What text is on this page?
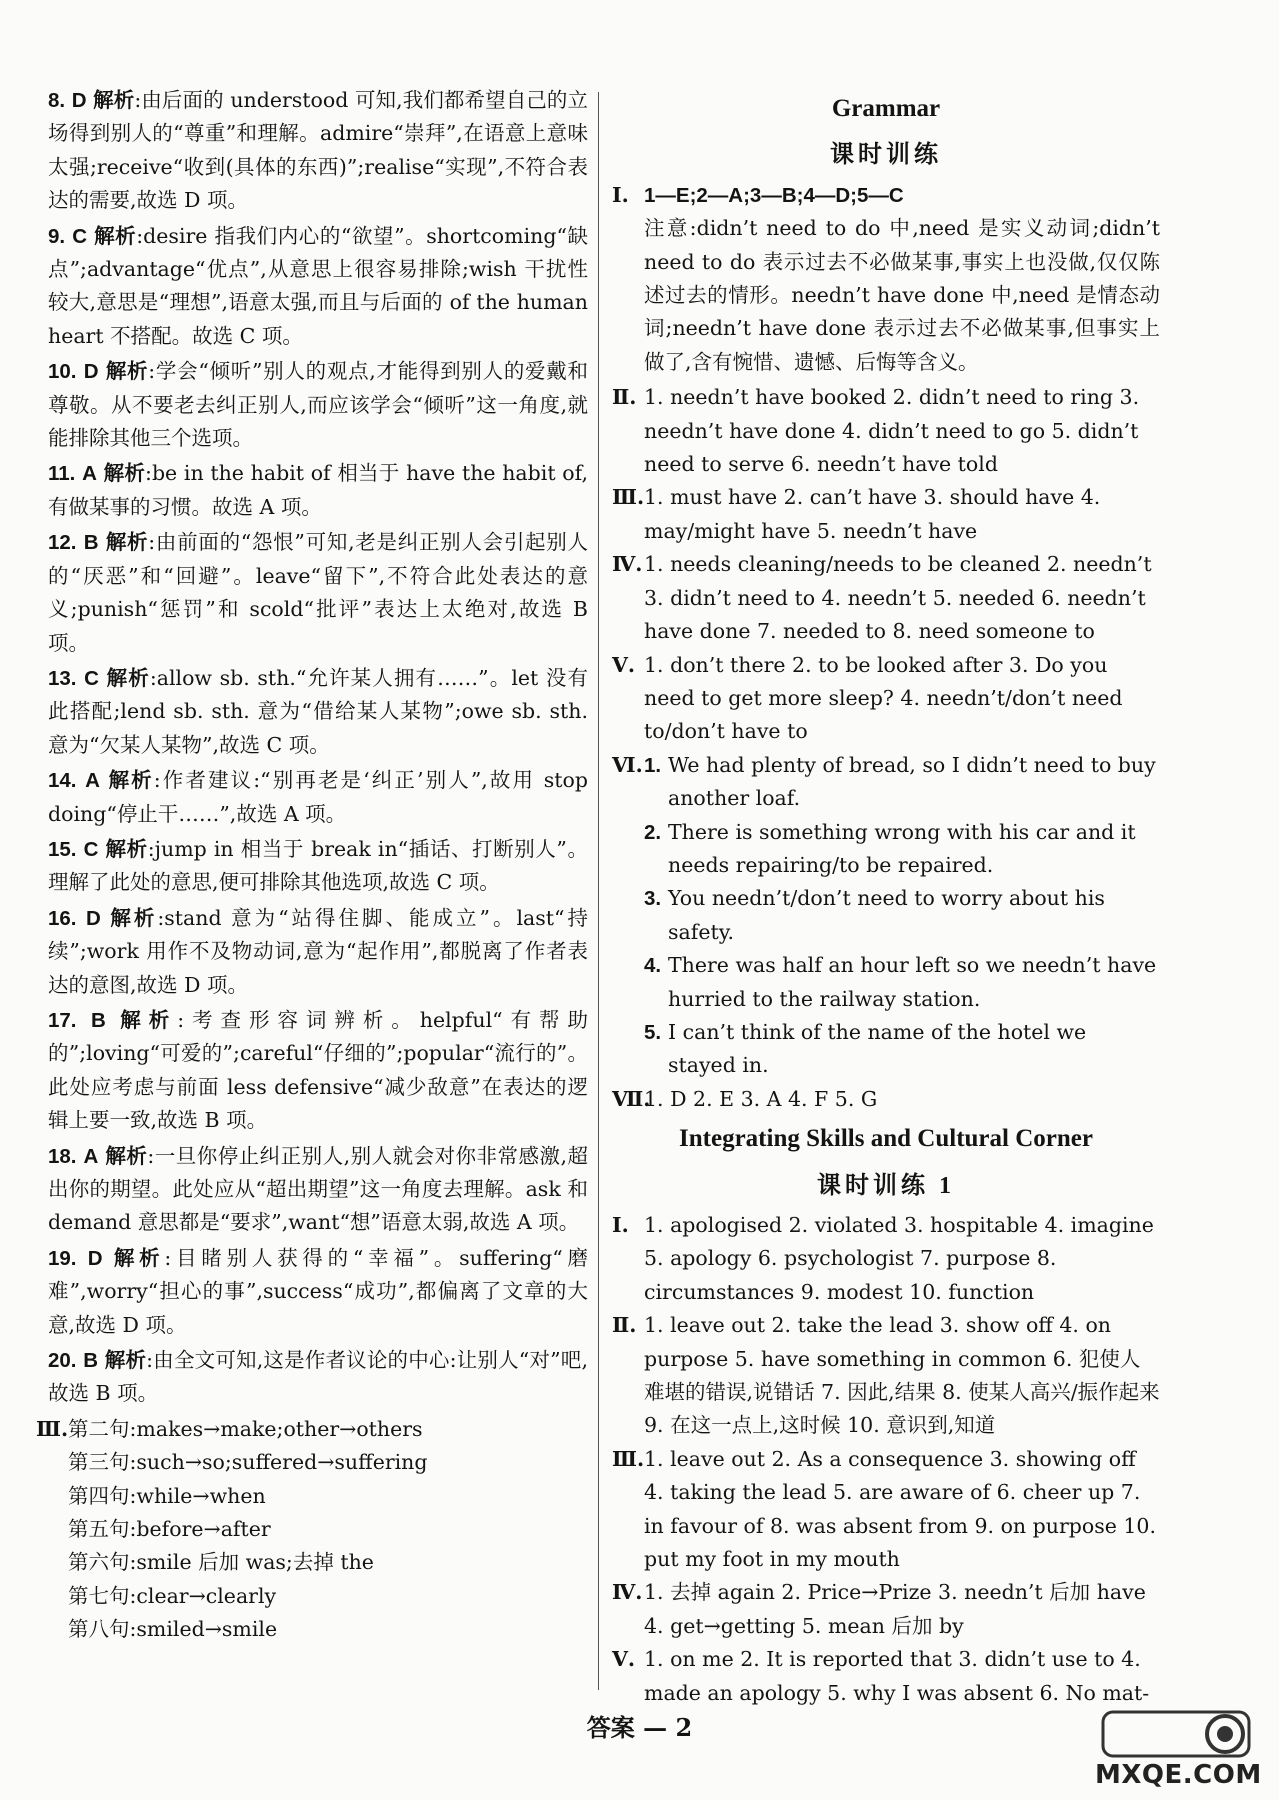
8. D 解析:由后面的 understood 可知,我们都希望自己的立场得到别人的“尊重”和理解。admire“崇拜”,在语意上意味太强;receive“收到(具体的东西)”;realise“实现”,不符合表达的需要,故选 D 项。
9. C 解析:desire 指我们内心的“欲望”。shortcoming“缺点”;advantage“优点”,从意思上很容易排除;wish 干扰性较大,意思是“理想”,语意太强,而且与后面的 of the human heart 不搭配。故选 C 项。
10. D 解析:学会“倾听”别人的观点,才能得到别人的爱戴和尊敬。从不要老去纠正别人,而应该学会“倾听”这一角度,就能排除其他三个选项。
11. A 解析:be in the habit of 相当于 have the habit of,有做某事的习惯。故选 A 项。
12. B 解析:由前面的“怨恨”可知,老是纠正别人会引起别人的“厌恶”和“回避”。leave“留下”,不符合此处表达的意义;punish“惩罚”和 scold“批评”表达上太绝对,故选 B 项。
13. C 解析:allow sb. sth.“允许某人拥有……”。let 没有此搭配;lend sb. sth. 意为“借给某人某物”;owe sb. sth. 意为“欠某人某物”,故选 C 项。
14. A 解析:作者建议:“别再老是‘纠正’别人”,故用 stop doing“停止干……”,故选 A 项。
15. C 解析:jump in 相当于 break in“插话、打断别人”。理解了此处的意思,便可排除其他选项,故选 C 项。
16. D 解析:stand 意为“站得住脚、能成立”。last“持续”;work 用作不及物动词,意为“起作用”,都脱离了作者表达的意图,故选 D 项。
17. B 解析:考查形容词辨析。helpful“有帮助的”;loving“可爱的”;careful“仔细的”;popular“流行的”。此处应考虑与前面 less defensive“减少敌意”在表达的逻辑上要一致,故选 B 项。
18. A 解析:一旦你停止纠正别人,别人就会对你非常感激,超出你的期望。此处应从“超出期望”这一角度去理解。ask 和 demand 意思都是“要求”,want“想”语意太弱,故选 A 项。
19. D 解析:目睹别人获得的“幸福”。suffering“磨难”,worry“担心的事”,success“成功”,都偏离了文章的大意,故选 D 项。
20. B 解析:由全文可知,这是作者议论的中心:让别人“对”吧,故选 B 项。
Ⅲ. 第二句:makes→make;other→others
第三句:such→so;suffered→suffering
第四句:while→when
第五句:before→after
第六句:smile 后加 was;去掉 the
第七句:clear→clearly
第八句:smiled→smile
Grammar
课时训练
Ⅰ. 1—E;2—A;3—B;4—D;5—C
注意:didn’t need to do 中,need 是实义动词;didn’t need to do 表示过去不必做某事,事实上也没做,仅仅陈述过去的情形。needn’t have done 中,need 是情态动词;needn’t have done 表示过去不必做某事,但事实上做了,含有惋惜、遗憾、后悔等含义。
Ⅱ. 1. needn’t have booked 2. didn’t need to ring 3. needn’t have done 4. didn’t need to go 5. didn’t need to serve 6. needn’t have told
Ⅲ. 1. must have 2. can’t have 3. should have 4. may/might have 5. needn’t have
Ⅳ. 1. needs cleaning/needs to be cleaned 2. needn’t 3. didn’t need to 4. needn’t 5. needed 6. needn’t have done 7. needed to 8. need someone to
Ⅴ. 1. don’t there 2. to be looked after 3. Do you need to get more sleep? 4. needn’t/don’t need to/don’t have to
Ⅵ. 1. We had plenty of bread, so I didn’t need to buy another loaf.
2. There is something wrong with his car and it needs repairing/to be repaired.
3. You needn’t/don’t need to worry about his safety.
4. There was half an hour left so we needn’t have hurried to the railway station.
5. I can’t think of the name of the hotel we stayed in.
Ⅶ.
1. D 2. E 3. A 4. F 5. G
Integrating Skills and Cultural Corner
课时训练 1
Ⅰ. 1. apologised 2. violated 3. hospitable 4. imagine 5. apology 6. psychologist 7. purpose 8. circumstances 9. modest 10. function
Ⅱ. 1. leave out 2. take the lead 3. show off 4. on purpose 5. have something in common 6. 犯使人难堪的错误,说错话 7. 因此,结果 8. 使某人高兴/振作起来 9. 在这一点上,这时候 10. 意识到,知道
Ⅲ. 1. leave out 2. As a consequence 3. showing off 4. taking the lead 5. are aware of 6. cheer up 7. in favour of 8. was absent from 9. on purpose 10. put my foot in my mouth
Ⅳ. 1. 去掉 again 2. Price→Prize 3. needn’t 后加 have 4. get→getting 5. mean 后加 by
Ⅴ. 1. on me 2. It is reported that 3. didn’t use to 4. made an apology 5. why I was absent 6. No mat-
答案 — 2
MXQE.COM
